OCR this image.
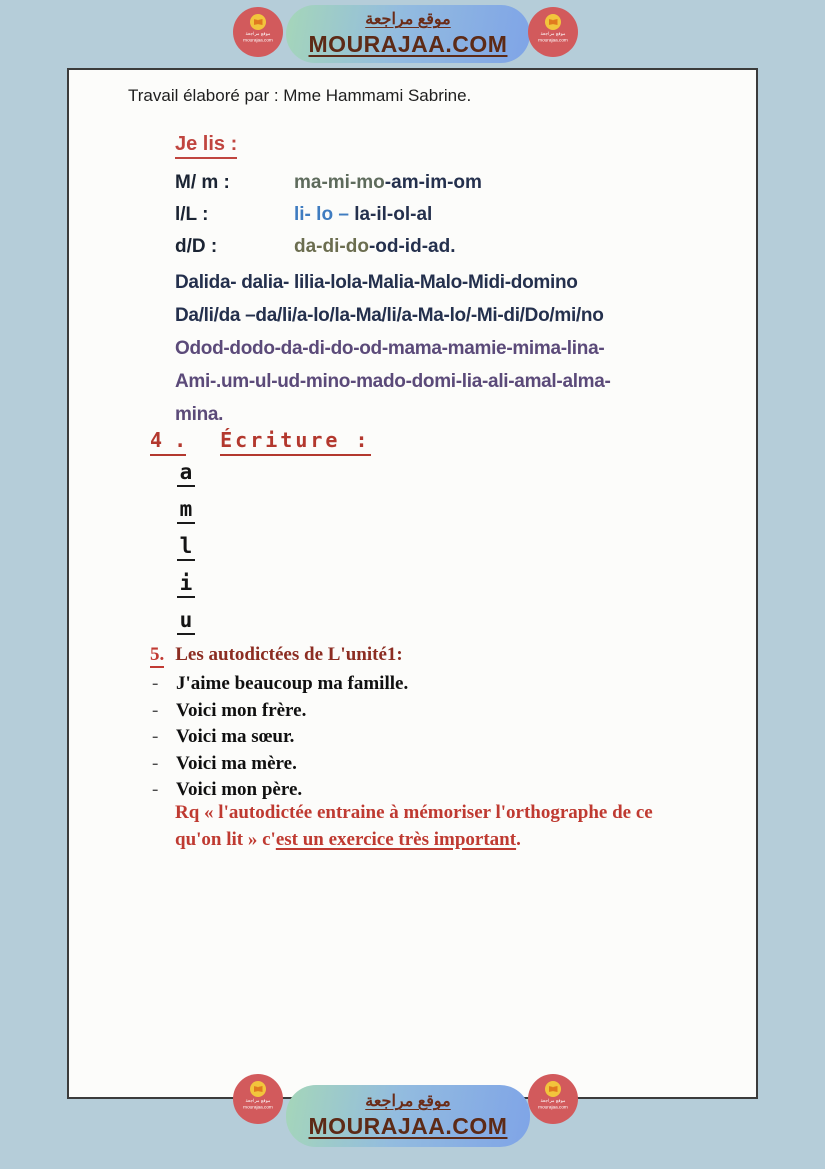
موقع مراجعة
mourajaa.com
موقع مراجعة
MOURAJAA.COM	موقع مراجعة
mourajaa.com
Travail élaboré par : Mme Hammami Sabrine.
Je lis :
M/ m :	ma-mi-mo-am-im-om
l/L :	li- lo – la-il-ol-al
d/D :	da-di-do-od-id-ad.
Dalida- dalia- lilia-lola-Malia-Malo-Midi-domino
Da/li/da –da/li/a-lo/la-Ma/li/a-Ma-lo/-Mi-di/Do/mi/no
Odod-dodo-da-di-do-od-mama-mamie-mima-lina-
Ami-.um-ul-ud-mino-mado-domi-lia-ali-amal-alma-
mina.
4 . Écriture :
a
m
l
i
u
5. Les autodictées de L'unité1:
- J'aime beaucoup ma famille.
- Voici mon frère.
- Voici ma sœur.
- Voici ma mère.
- Voici mon père.
Rq « l'autodictée entraine à mémoriser l'orthographe de ce
qu'on lit » c'est un exercice très important.
موقع مراجعة
mourajaa.com	موقع مراجعة
MOURAJAA.COM
موقع مراجعة
mourajaa.com
